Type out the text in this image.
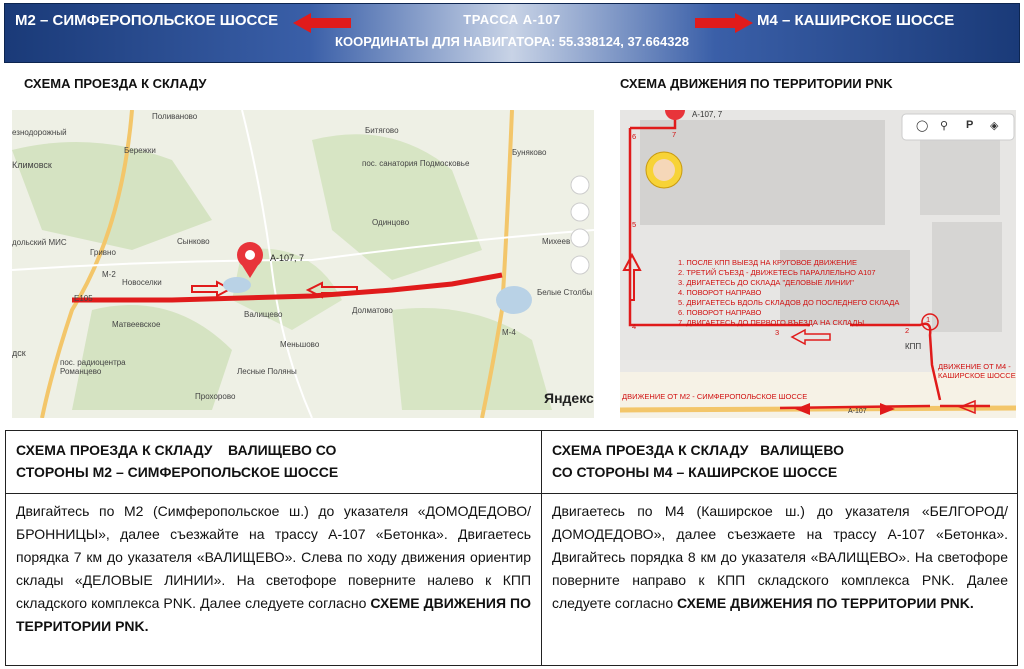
М2 – СИМФЕРОПОЛЬСКОЕ ШОССЕ	ТРАССА А-107	М4 – КАШИРСКОЕ ШОССЕ
КООРДИНАТЫ ДЛЯ НАВИГАТОРА: 55.338124, 37.664328
СХЕМА ПРОЕЗДА К СКЛАДУ	СХЕМА ДВИЖЕНИЯ ПО ТЕРРИТОРИИ PNK
Поливаново
езнодорожный
Бережки
Битягово
Буняково
пос. санатория Подмосковье
Климовск
Одинцово
Сынково	Михеев
Гривно
дольский МИС
Новоселки
М-2
Е105
Матвеевское
Валищево	Долматово
Белые Столбы
М-4
Меньшово
пос. радиоцентра Романцево	Лесные Поляны
Прохорово
дск
А-107, 7
Яндекс
А-107, 7
◯ ⚲ P ◈
1
2
3
4
5
6	7
1. ПОСЛЕ КПП ВЫЕЗД НА КРУГОВОЕ ДВИЖЕНИЕ
2. ТРЕТИЙ СЪЕЗД - ДВИЖЕТЕСЬ ПАРАЛЛЕЛЬНО А107
3. ДВИГАЕТЕСЬ ДО СКЛАДА "ДЕЛОВЫЕ ЛИНИИ"
4. ПОВОРОТ НАПРАВО
5. ДВИГАЕТЕСЬ ВДОЛЬ СКЛАДОВ ДО ПОСЛЕДНЕГО СКЛАДА
6. ПОВОРОТ НАПРАВО
7. ДВИГАЕТЕСЬ ДО ПЕРВОГО ВЪЕЗДА НА СКЛАДЫ
КПП
ДВИЖЕНИЕ ОТ М4 - КАШИРСКОЕ ШОССЕ
ДВИЖЕНИЕ ОТ М2 - СИМФЕРОПОЛЬСКОЕ ШОССЕ
А-107
СХЕМА ПРОЕЗДА К СКЛАДУ    ВАЛИЩЕВО СО
СТОРОНЫ М2 – СИМФЕРОПОЛЬСКОЕ ШОССЕ
Двигайтесь по М2 (Симферопольское ш.) до указателя «ДОМОДЕДОВО/БРОННИЦЫ», далее съезжайте на трассу А-107 «Бетонка». Двигаетесь порядка 7 км до указателя «ВАЛИЩЕВО». Слева по ходу движения ориентир склады «ДЕЛОВЫЕ ЛИНИИ». На светофоре поверните налево к КПП складского комплекса PNK. Далее следуете согласно СХЕМЕ ДВИЖЕНИЯ ПО ТЕРРИТОРИИ PNK.
СХЕМА ПРОЕЗДА К СКЛАДУ   ВАЛИЩЕВО
СО СТОРОНЫ М4 – КАШИРСКОЕ ШОССЕ
Двигаетесь по М4 (Каширское ш.) до указателя «БЕЛГОРОД/ДОМОДЕДОВО», далее съезжаете на трассу А-107 «Бетонка». Двигайтесь порядка 8 км до указателя «ВАЛИЩЕВО». На светофоре поверните направо к КПП складского комплекса PNK. Далее следуете согласно СХЕМЕ ДВИЖЕНИЯ ПО ТЕРРИТОРИИ PNK.
